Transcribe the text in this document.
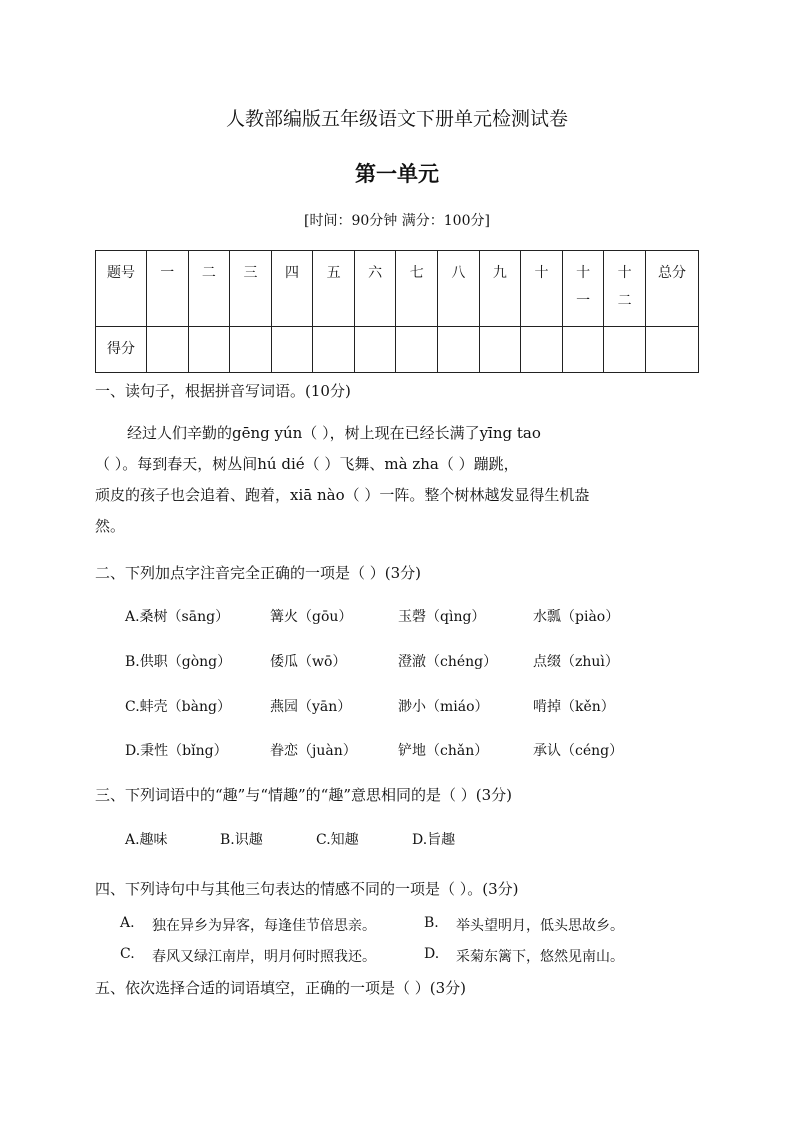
人教部编版五年级语文下册单元检测试卷
第一单元
[时间：90分钟 满分：100分]
题号	一	二	三	四	五	六	七	八	九	十	十一	十二	总分
得分													
一、读句子，根据拼音写词语。(10分)
经过人们辛勤的gēng yún（ ），树上现在已经长满了yīng tao
（ ）。每到春天，树丛间hú dié（ ）飞舞、mà zha（ ）蹦跳，
顽皮的孩子也会追着、跑着，xiā nào（ ）一阵。整个树林越发显得生机盎
然。
二、下列加点字注音完全正确的一项是（ ）(3分)
A.桑树（sāng）	篝火（gōu）	玉磬（qìng）	水瓢（piào）
B.供职（gòng）	倭瓜（wō）	澄澈（chéng）	点缀（zhuì）
C.蚌壳（bàng）	燕园（yān）	渺小（miáo）	啃掉（kěn）
D.秉性（bǐng）	眷恋（juàn）	铲地（chǎn）	承认（céng）
三、下列词语中的“趣”与“情趣”的“趣”意思相同的是（ ）(3分)
A.趣味	B.识趣	C.知趣	D.旨趣
四、下列诗句中与其他三句表达的情感不同的一项是（ ）。(3分)
A. 独在异乡为异客，每逢佳节倍思亲。	B. 举头望明月，低头思故乡。
C. 春风又绿江南岸，明月何时照我还。	D. 采菊东篱下，悠然见南山。
五、依次选择合适的词语填空，正确的一项是（ ）(3分)
